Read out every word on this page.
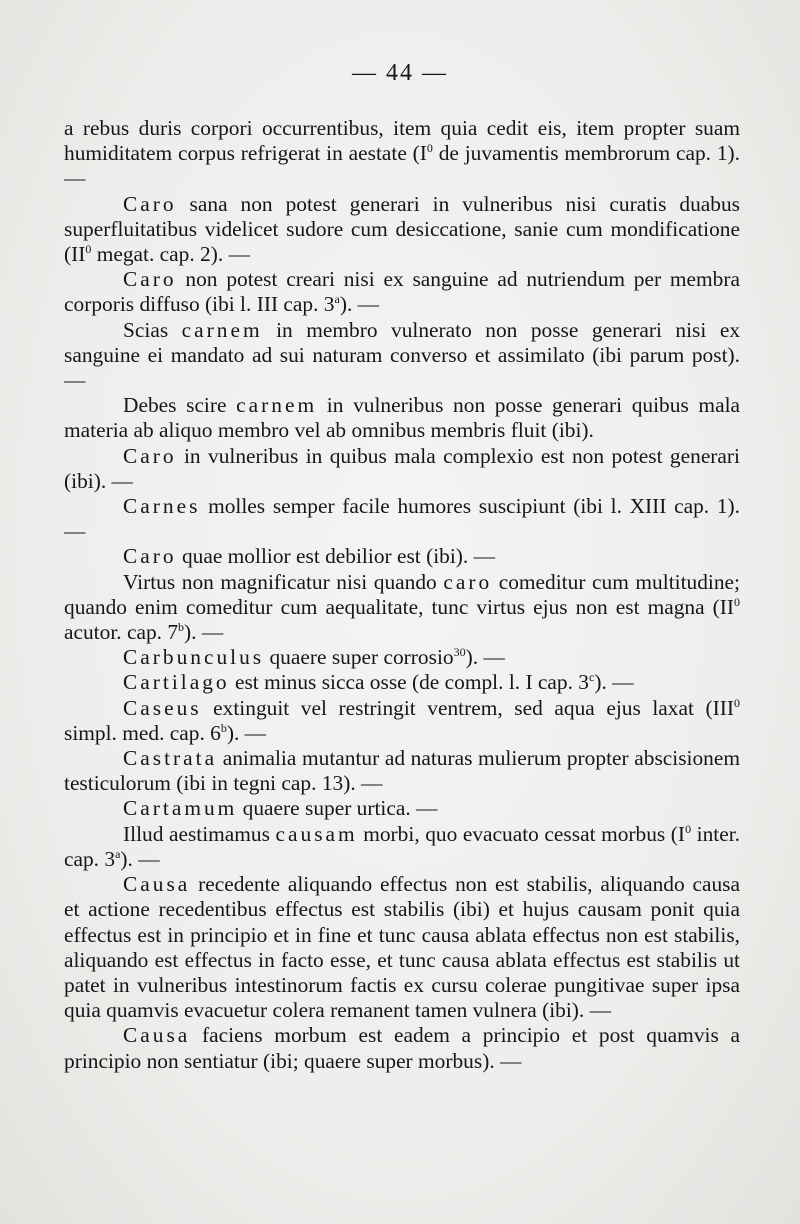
— 44 —

a rebus duris corpori occurrentibus, item quia cedit eis, item propter suam humiditatem corpus refrigerat in aestate ($I^0$ de juvamentis membrorum cap. 1). —

Caro sana non potest generari in vulneribus nisi curatis duabus superfluitatibus videlicet sudore cum desiccatione, sanie cum mondificatione ($II^0$ megat. cap. 2). —

Caro non potest creari nisi ex sanguine ad nutriendum per membra corporis diffuso (ibi l. III cap. 3$^a$). —

Scias carnem in membro vulnerato non posse generari nisi ex sanguine ei mandato ad sui naturam converso et assimilato (ibi parum post). —

Debes scire carnem in vulneribus non posse generari quibus mala materia ab aliquo membro vel ab omnibus membris fluit (ibi).

Caro in vulneribus in quibus mala complexio est non potest generari (ibi). —

Carnes molles semper facile humores suscipiunt (ibi l. XIII cap. 1). —

Caro quae mollior est debilior est (ibi). —

Virtus non magnificatur nisi quando caro comeditur cum multitudine; quando enim comeditur cum aequalitate, tunc virtus ejus non est magna ($II^0$ acutor. cap. 7$^b$). —

Carbunculus quaere super corrosio$^{30}$). —

Cartilago est minus sicca osse (de compl. l. I cap. 3$^c$). —

Caseus extinguit vel restringit ventrem, sed aqua ejus laxat (III$^0$ simpl. med. cap. 6$^b$). —

Castrata animalia mutantur ad naturas mulierum propter abscisionem testiculorum (ibi in tegni cap. 13). —

Cartamum quaere super urtica. —

Illud aestimamus causam morbi, quo evacuato cessat morbus ($I^0$ inter. cap. 3$^a$). —

Causa recedente aliquando effectus non est stabilis, aliquando causa et actione recedentibus effectus est stabilis (ibi) et hujus causam ponit quia effectus est in principio et in fine et tunc causa ablata effectus non est stabilis, aliquando est effectus in facto esse, et tunc causa ablata effectus est stabilis ut patet in vulneribus intestinorum factis ex cursu colerae pungitivae super ipsa quia quamvis evacuetur colera remanent tamen vulnera (ibi). —

Causa faciens morbum est eadem a principio et post quamvis a principio non sentiatur (ibi; quaere super morbus). —
